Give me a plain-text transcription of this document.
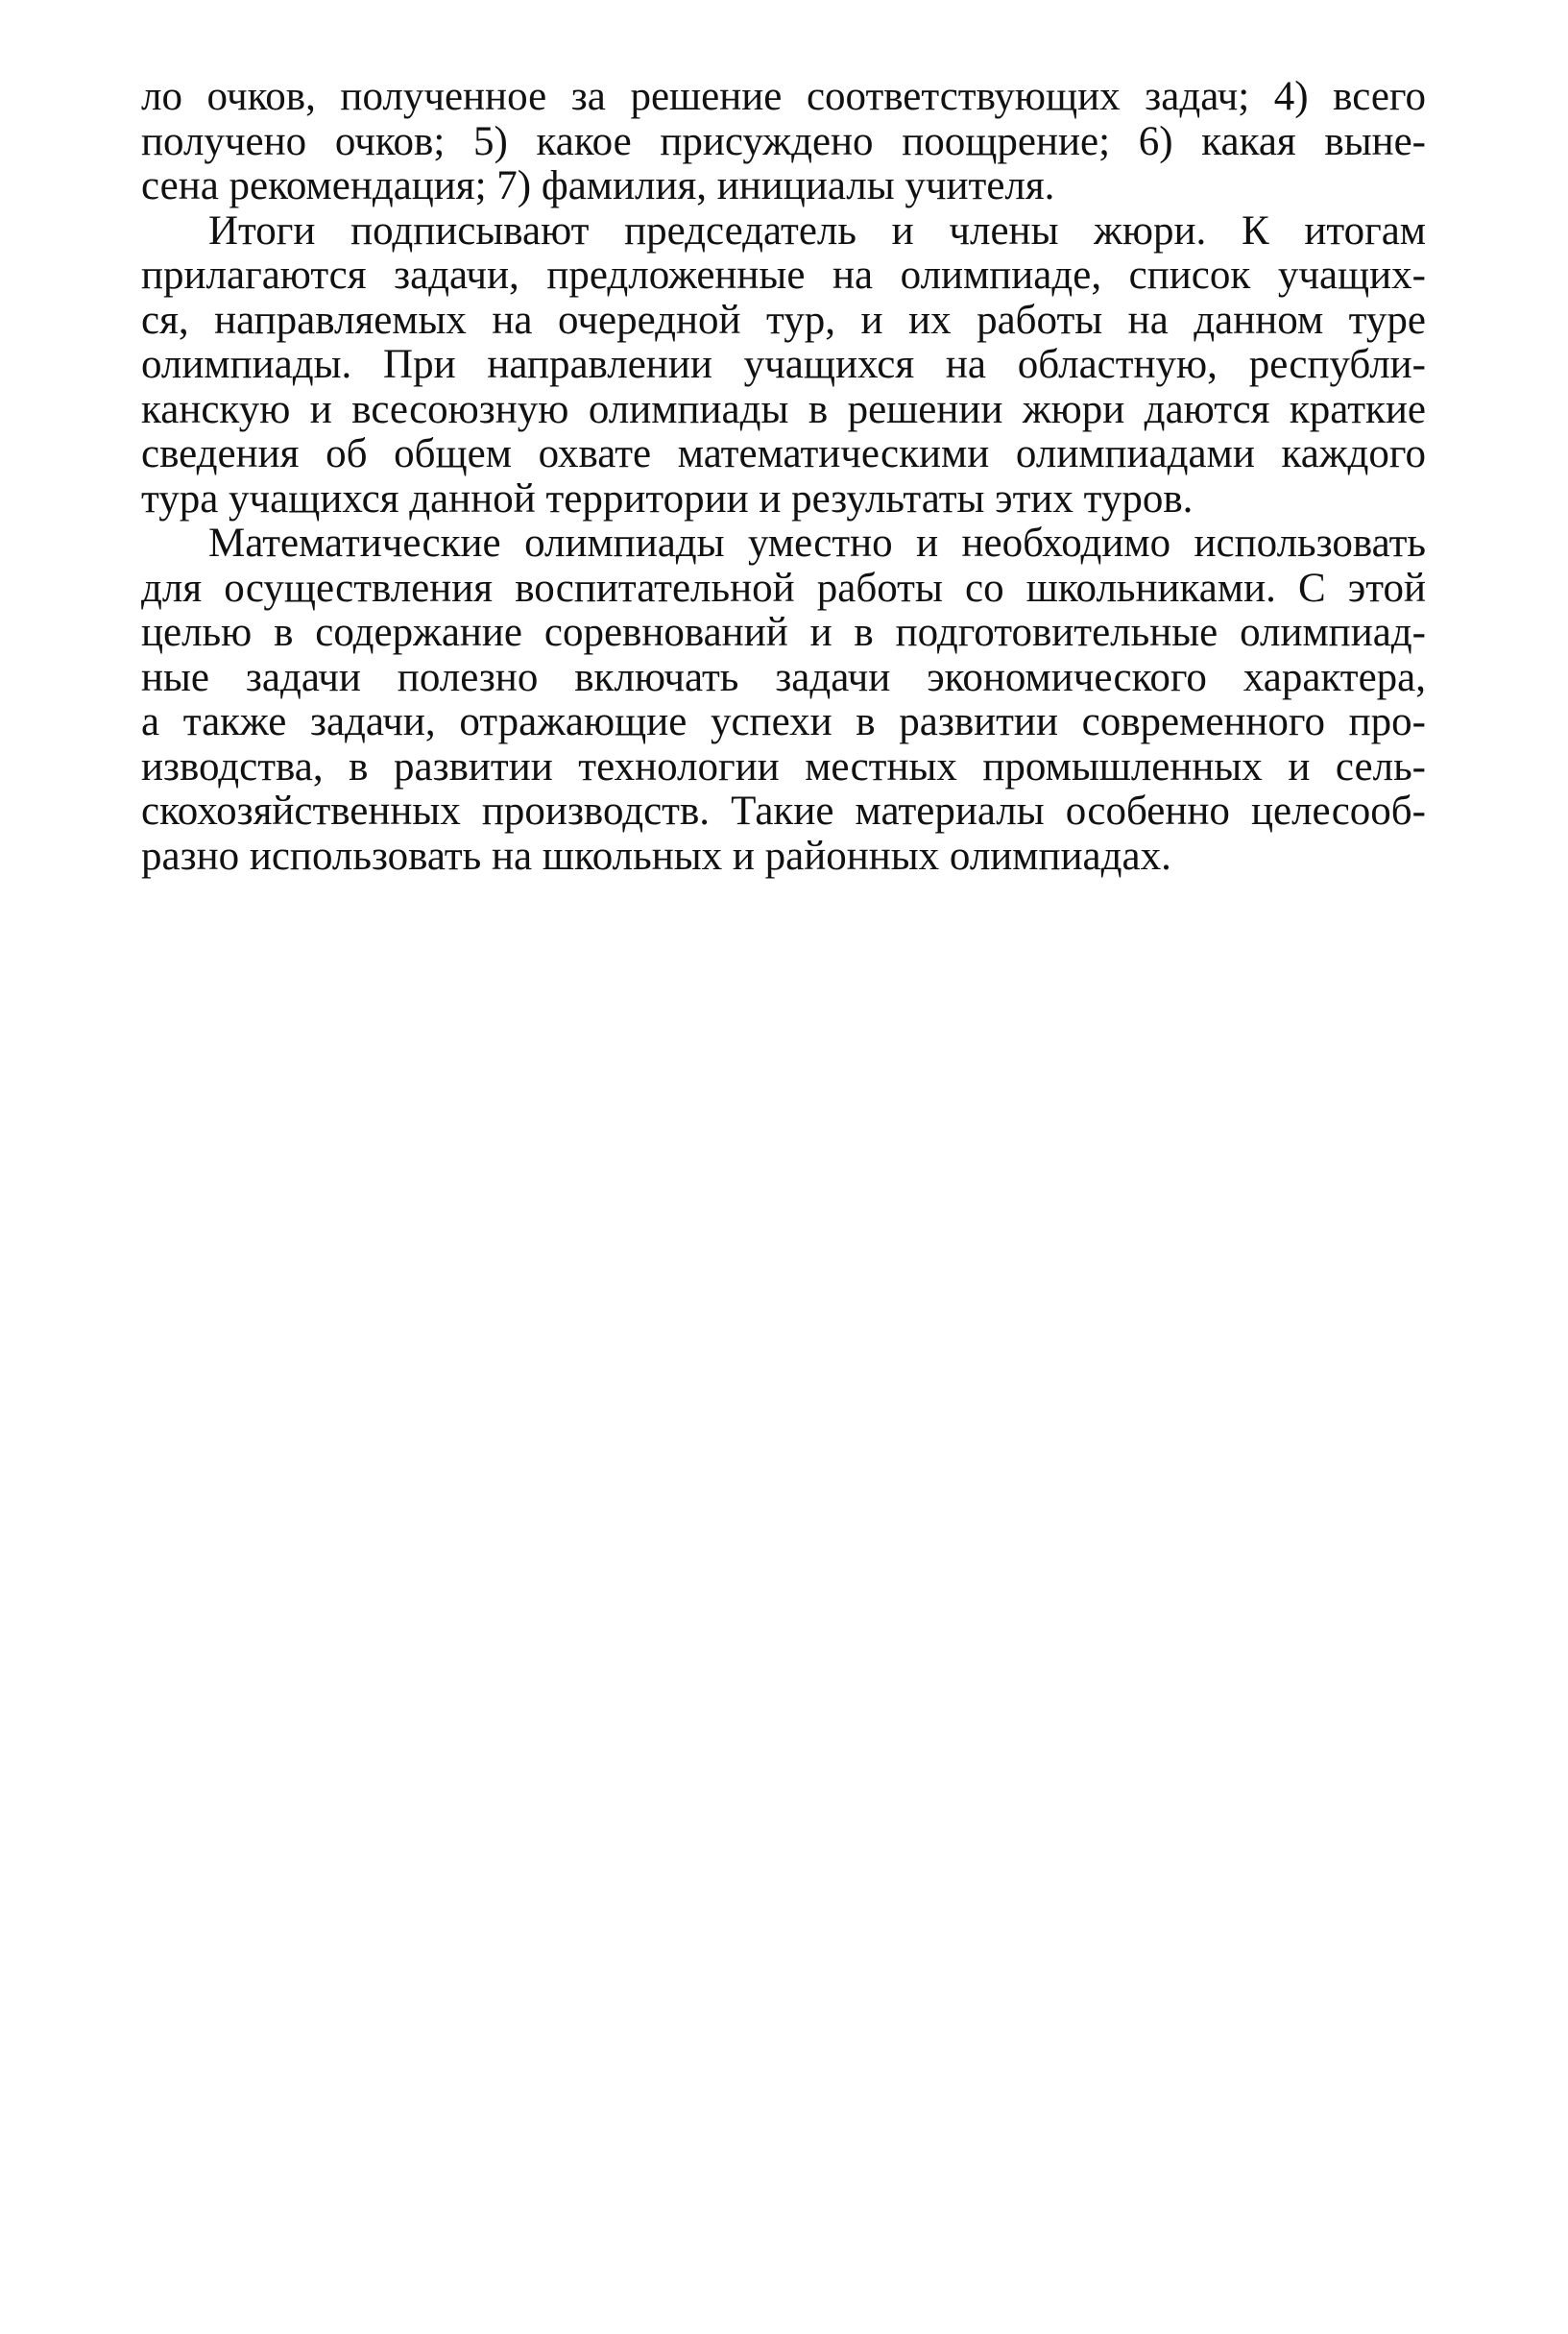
ло очков, полученное за решение соответствующих задач; 4) всего
получено очков; 5) какое присуждено поощрение; 6) какая выне-
сена рекомендация; 7) фамилия, инициалы учителя.
Итоги подписывают председатель и члены жюри. К итогам
прилагаются задачи, предложенные на олимпиаде, список учащих-
ся, направляемых на очередной тур, и их работы на данном туре
олимпиады. При направлении учащихся на областную, республи-
канскую и всесоюзную олимпиады в решении жюри даются краткие
сведения об общем охвате математическими олимпиадами каждого
тура учащихся данной территории и результаты этих туров.
Математические олимпиады уместно и необходимо использовать
для осуществления воспитательной работы со школьниками. С этой
целью в содержание соревнований и в подготовительные олимпиад-
ные задачи полезно включать задачи экономического характера,
а также задачи, отражающие успехи в развитии современного про-
изводства, в развитии технологии местных промышленных и сель-
скохозяйственных производств. Такие материалы особенно целесооб-
разно использовать на школьных и районных олимпиадах.
